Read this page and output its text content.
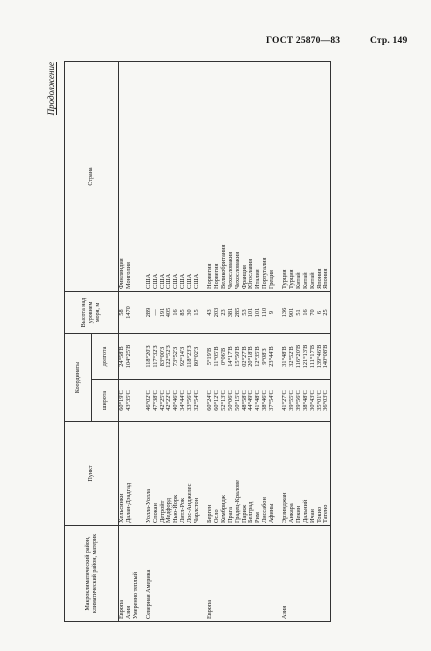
ГОСТ 25870—83	Стр. 149
Продолжение
Макроклиматический район, климатический район, материк	Пункт	Координаты		Высота над уровнем моря, м	Страна
		широта	долгота		
Европа	Хельсинки	60°19'С	24°58'В	58	Финляндия
Азия	Далан-Дзадгад	43°35'С	104°25'В	1470	Монголия
Умеренно теплый					

Северная Америка	Уолла-Уолла	46°02'С	118°20'З	289	США
	Спокан	47°38'С	117°32'З	—	США
	Детройт	42°25'С	83°00'З	191	США
	Медфорд	42°22'С	122°52'З	405	США
	Нью-Йорк	40°46'С	73°52'З	16	США
	Литл-Рок	34°44'С	92°14'З	85	США
	Лос-Анджелес	33°56'С	118°23'З	30	США
	Чарлстон	32°54'С	80°02'З	15	США

Европа	Берген	60°24'С	5°19'В	43	Норвегия
	Осло	60°12'С	11°05'В	203	Норвегия
	Кембридж	52°13'С	0°06'В	23	Великобритания
	Прага	50°06'С	14°17'В	381	Чехословакия
	Градец-Кралове	50°15'С	15°50'В	285	Чехословакия
	Париж	48°58'С	02°27'В	53	Франция
	Белград	44°49'С	20°18'В	101	Югославия
	Рим	41°48'С	12°35'В	101	Италия
	Лиссабон	38°46'С	9°08'З	110	Португалия
	Афины	37°54'С	23°44'В	9	Греция

Азия	Эрзинджан	41°27'С	31°48'В	136	Турция
	Анкара	39°55'С	32°52'В	901	Турция
	Пекин	39°56'С	116°20'В	51	Китай
	Дальний	38°48'С	121°13'В	16	Китай
	Ичан	30°43'С	111°17'В	70	Китай
	Токио	35°01'С	139°46'В	6	Япония
	Татено	36°03'С	140°08'В	25	Япония
